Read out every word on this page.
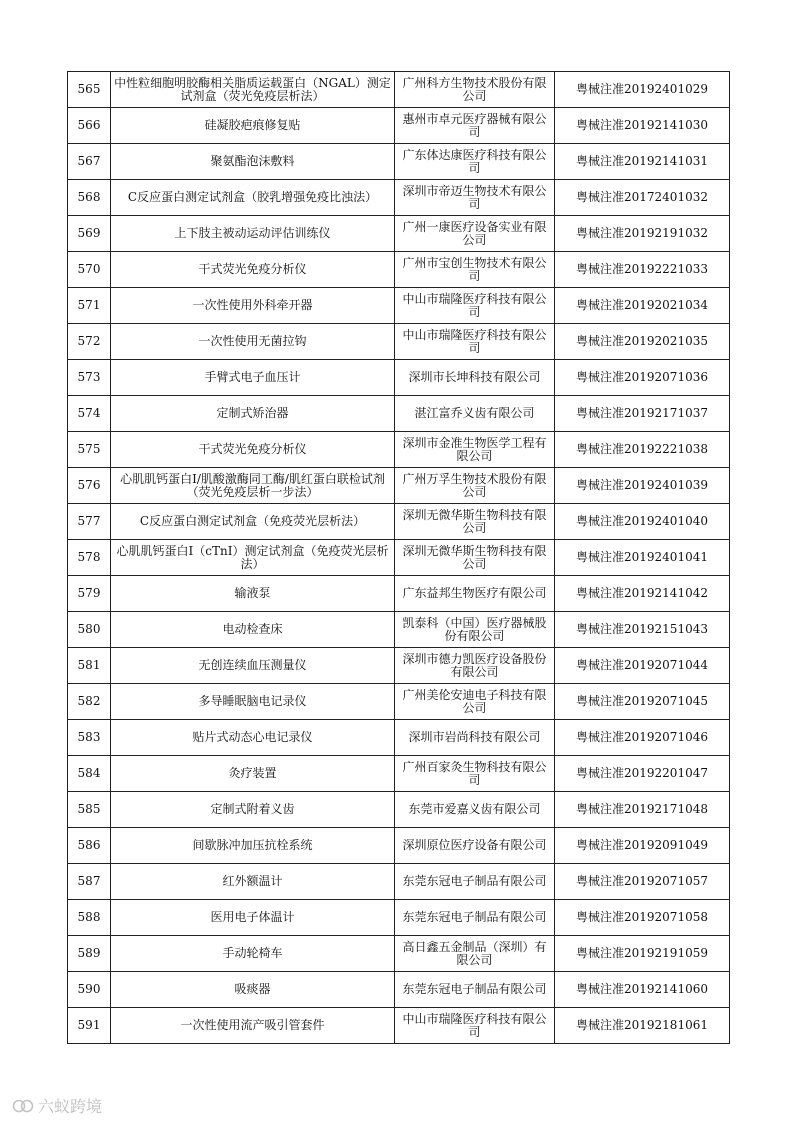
565	中性粒细胞明胶酶相关脂质运载蛋白（NGAL）测定试剂盒（荧光免疫层析法）	广州科方生物技术股份有限公司	粤械注准20192401029
566	硅凝胶疤痕修复贴	惠州市卓元医疗器械有限公司	粤械注准20192141030
567	聚氨酯泡沫敷料	广东体达康医疗科技有限公司	粤械注准20192141031
568	C反应蛋白测定试剂盒（胶乳增强免疫比浊法）	深圳市帝迈生物技术有限公司	粤械注准20172401032
569	上下肢主被动运动评估训练仪	广州一康医疗设备实业有限公司	粤械注准20192191032
570	干式荧光免疫分析仪	广州市宝创生物技术有限公司	粤械注准20192221033
571	一次性使用外科牵开器	中山市瑞隆医疗科技有限公司	粤械注准20192021034
572	一次性使用无菌拉钩	中山市瑞隆医疗科技有限公司	粤械注准20192021035
573	手臂式电子血压计	深圳市长坤科技有限公司	粤械注准20192071036
574	定制式矫治器	湛江富乔义齿有限公司	粤械注准20192171037
575	干式荧光免疫分析仪	深圳市金准生物医学工程有限公司	粤械注准20192221038
576	心肌肌钙蛋白I/肌酸激酶同工酶/肌红蛋白联检试剂（荧光免疫层析一步法）	广州万孚生物技术股份有限公司	粤械注准20192401039
577	C反应蛋白测定试剂盒（免疫荧光层析法）	深圳无微华斯生物科技有限公司	粤械注准20192401040
578	心肌肌钙蛋白I（cTnI）测定试剂盒（免疫荧光层析法）	深圳无微华斯生物科技有限公司	粤械注准20192401041
579	输液泵	广东益邦生物医疗有限公司	粤械注准20192141042
580	电动检查床	凯泰科（中国）医疗器械股份有限公司	粤械注准20192151043
581	无创连续血压测量仪	深圳市德力凯医疗设备股份有限公司	粤械注准20192071044
582	多导睡眠脑电记录仪	广州美伦安迪电子科技有限公司	粤械注准20192071045
583	贴片式动态心电记录仪	深圳市岩尚科技有限公司	粤械注准20192071046
584	灸疗装置	广州百家灸生物科技有限公司	粤械注准20192201047
585	定制式附着义齿	东莞市爱嘉义齿有限公司	粤械注准20192171048
586	间歇脉冲加压抗栓系统	深圳原位医疗设备有限公司	粤械注准20192091049
587	红外额温计	东莞东冠电子制品有限公司	粤械注准20192071057
588	医用电子体温计	东莞东冠电子制品有限公司	粤械注准20192071058
589	手动轮椅车	高日鑫五金制品（深圳）有限公司	粤械注准20192191059
590	吸痰器	东莞东冠电子制品有限公司	粤械注准20192141060
591	一次性使用流产吸引管套件	中山市瑞隆医疗科技有限公司	粤械注准20192181061
六蚁跨境
